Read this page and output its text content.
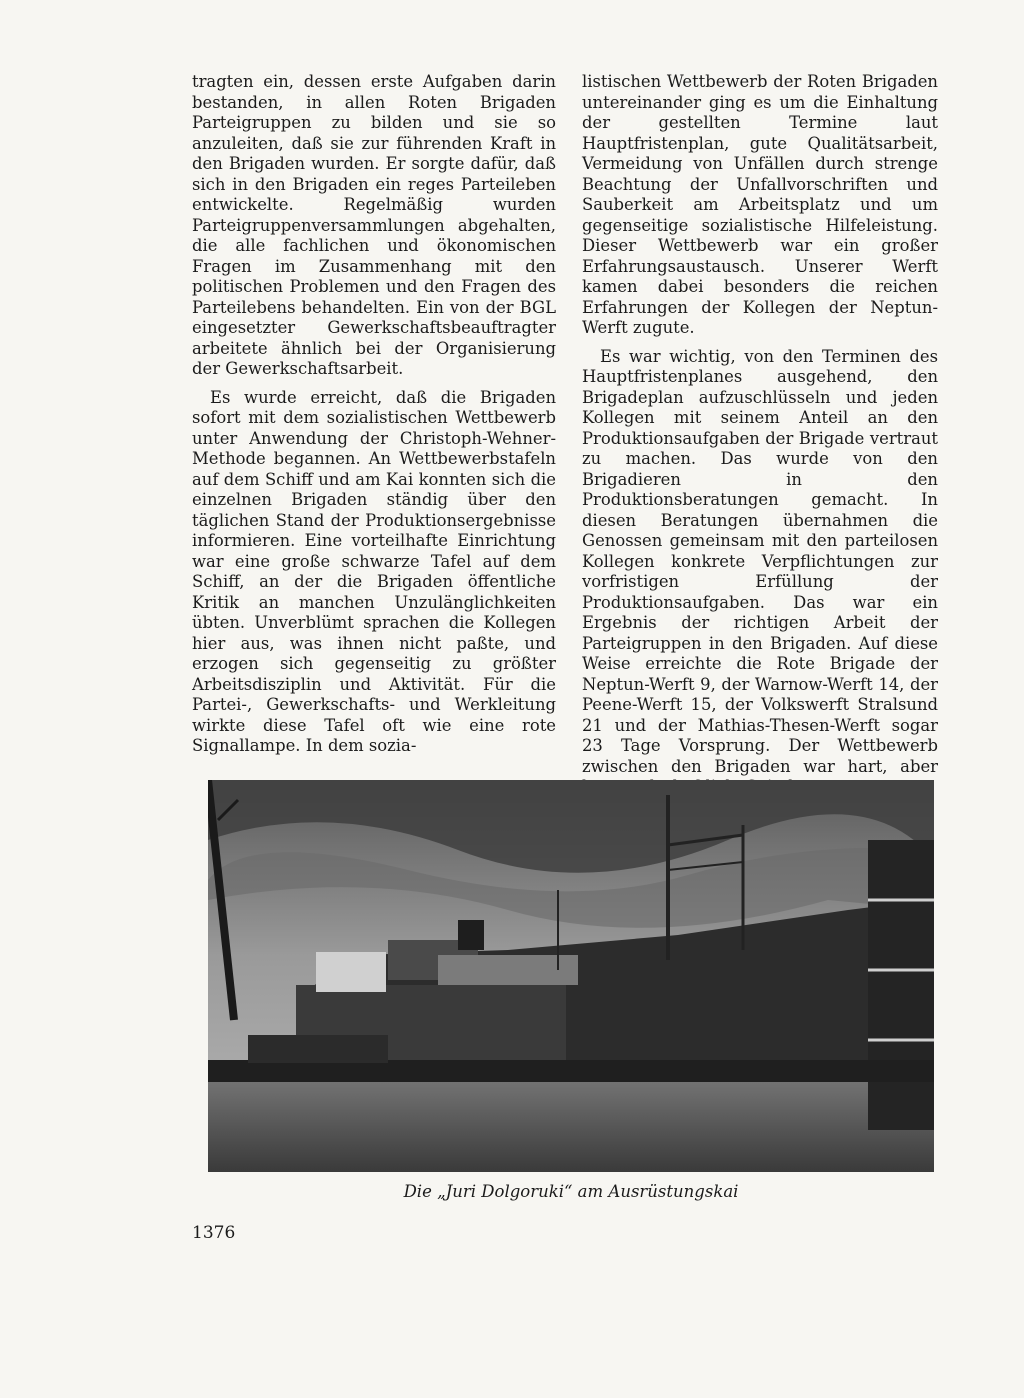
tragten ein, dessen erste Aufgaben darin bestanden, in allen Roten Brigaden Parteigruppen zu bilden und sie so anzuleiten, daß sie zur führenden Kraft in den Brigaden wurden. Er sorgte dafür, daß sich in den Brigaden ein reges Parteileben entwickelte. Regelmäßig wurden Parteigruppenversammlungen abgehalten, die alle fachlichen und ökonomischen Fragen im Zusammenhang mit den politischen Problemen und den Fragen des Parteilebens behandelten. Ein von der BGL eingesetzter Gewerkschaftsbeauftragter arbeitete ähnlich bei der Organisierung der Gewerkschaftsarbeit.

Es wurde erreicht, daß die Brigaden sofort mit dem sozialistischen Wettbewerb unter Anwendung der Christoph-Wehner-Methode begannen. An Wettbewerbstafeln auf dem Schiff und am Kai konnten sich die einzelnen Brigaden ständig über den täglichen Stand der Produktionsergebnisse informieren. Eine vorteilhafte Einrichtung war eine große schwarze Tafel auf dem Schiff, an der die Brigaden öffentliche Kritik an manchen Unzulänglichkeiten übten. Unverblümt sprachen die Kollegen hier aus, was ihnen nicht paßte, und erzogen sich gegenseitig zu größter Arbeitsdisziplin und Aktivität. Für die Partei-, Gewerkschafts- und Werkleitung wirkte diese Tafel oft wie eine rote Signallampe. In dem sozia-

listischen Wettbewerb der Roten Brigaden untereinander ging es um die Einhaltung der gestellten Termine laut Hauptfristenplan, gute Qualitätsarbeit, Vermeidung von Unfällen durch strenge Beachtung der Unfallvorschriften und Sauberkeit am Arbeitsplatz und um gegenseitige sozialistische Hilfeleistung. Dieser Wettbewerb war ein großer Erfahrungsaustausch. Unserer Werft kamen dabei besonders die reichen Erfahrungen der Kollegen der Neptun-Werft zugute.

Es war wichtig, von den Terminen des Hauptfristenplanes ausgehend, den Brigadeplan aufzuschlüsseln und jeden Kollegen mit seinem Anteil an den Produktionsaufgaben der Brigade vertraut zu machen. Das wurde von den Brigadieren in den Produktionsberatungen gemacht. In diesen Beratungen übernahmen die Genossen gemeinsam mit den parteilosen Kollegen konkrete Verpflichtungen zur vorfristigen Erfüllung der Produktionsaufgaben. Das war ein Ergebnis der richtigen Arbeit der Parteigruppen in den Brigaden. Auf diese Weise erreichte die Rote Brigade der Neptun-Werft 9, der Warnow-Werft 14, der Peene-Werft 15, der Volkswerft Stralsund 21 und der Mathias-Thesen-Werft sogar 23 Tage Vorsprung. Der Wettbewerb zwischen den Brigaden war hart, aber

Die „Juri Dolgoruki“ am Ausrüstungskai
1376
